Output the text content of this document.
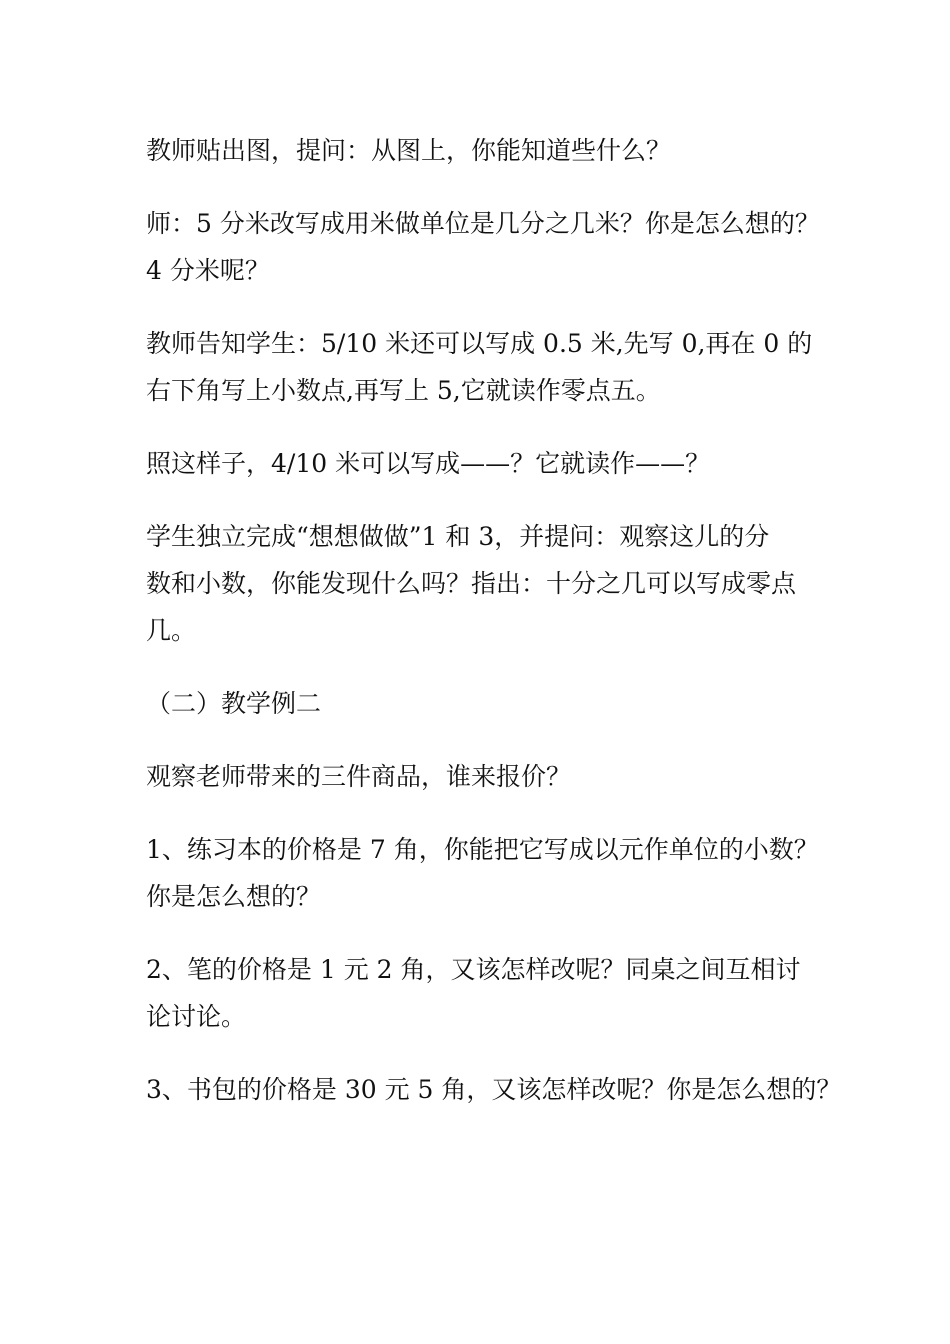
教师贴出图，提问：从图上，你能知道些什么？

师：5 分米改写成用米做单位是几分之几米？你是怎么想的？

4 分米呢？

教师告知学生：5/10 米还可以写成 0.5 米,先写 0,再在 0 的

右下角写上小数点,再写上 5,它就读作零点五。

照这样子，4/10 米可以写成——？它就读作——？

学生独立完成“想想做做”1 和 3，并提问：观察这儿的分

数和小数，你能发现什么吗？指出：十分之几可以写成零点

几。

（二）教学例二

观察老师带来的三件商品，谁来报价？

1、练习本的价格是 7 角，你能把它写成以元作单位的小数？

你是怎么想的？

2、笔的价格是 1 元 2 角，又该怎样改呢？同桌之间互相讨

论讨论。

3、书包的价格是 30 元 5 角，又该怎样改呢？你是怎么想的？
